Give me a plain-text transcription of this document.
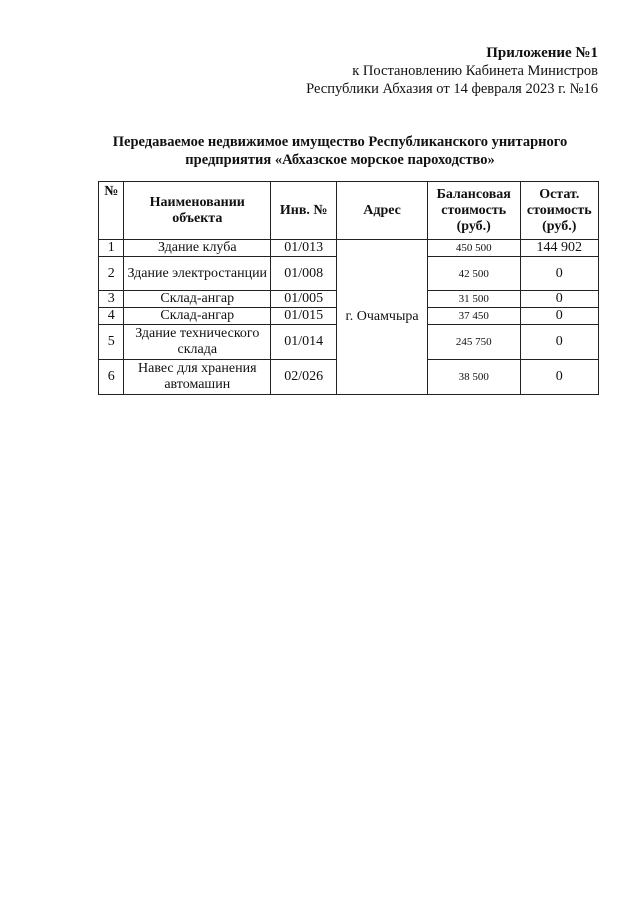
Приложение №1
к Постановлению Кабинета Министров
Республики Абхазия от 14 февраля 2023 г. №16
Передаваемое недвижимое имущество Республиканского унитарного
предприятия «Абхазское морское пароходство»
№	Наименовании объекта	Инв. №	Адрес	Балансовая стоимость (руб.)	Остат. стоимость (руб.)
1	Здание клуба	01/013	г. Очамчыра	450 500	144 902
2	Здание электростанции	01/008		42 500	0
3	Склад-ангар	01/005		31 500	0
4	Склад-ангар	01/015		37 450	0
5	Здание технического склада	01/014		245 750	0
6	Навес для хранения автомашин	02/026		38 500	0
